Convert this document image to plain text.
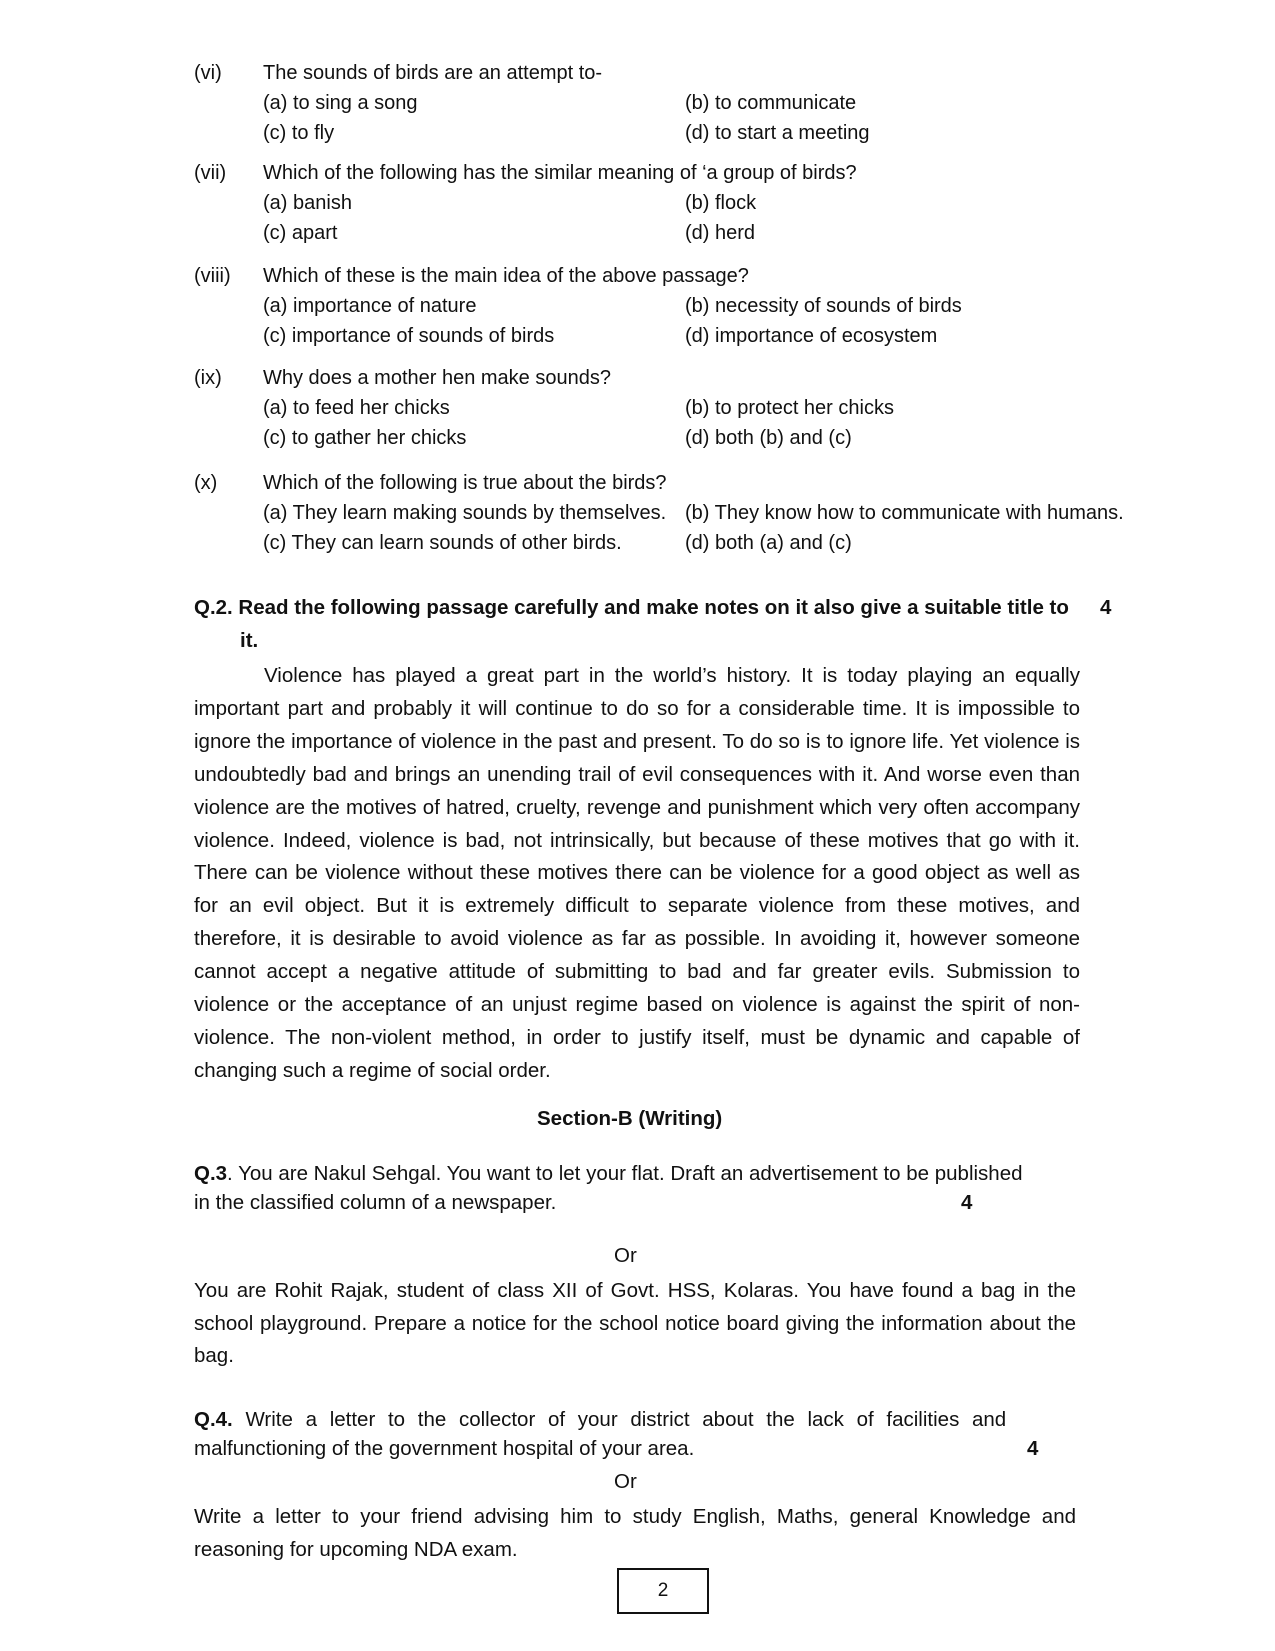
(vi) The sounds of birds are an attempt to-
(a) to sing a song	(b) to communicate
(c) to fly	(d) to start a meeting
(vii) Which of the following has the similar meaning of ‘a group of birds?
(a) banish	(b) flock
(c) apart	(d) herd
(viii) Which of these is the main idea of the above passage?
(a) importance of nature	(b) necessity of sounds of birds
(c) importance of sounds of birds	(d) importance of ecosystem
(ix) Why does a mother hen make sounds?
(a) to feed her chicks	(b) to protect her chicks
(c) to gather her chicks	(d) both (b) and (c)
(x) Which of the following is true about the birds?
(a) They learn making sounds by themselves. (b) They know how to communicate with humans.
(c) They can learn sounds of other birds.	(d) both (a) and (c)
Q.2. Read the following passage carefully and make notes on it also give a suitable title to 4
it.
Violence has played a great part in the world’s history. It is today playing an equally important part and probably it will continue to do so for a considerable time. It is impossible to ignore the importance of violence in the past and present. To do so is to ignore life. Yet violence is undoubtedly bad and brings an unending trail of evil consequences with it. And worse even than violence are the motives of hatred, cruelty, revenge and punishment which very often accompany violence. Indeed, violence is bad, not intrinsically, but because of these motives that go with it. There can be violence without these motives there can be violence for a good object as well as for an evil object. But it is extremely difficult to separate violence from these motives, and therefore, it is desirable to avoid violence as far as possible. In avoiding it, however someone cannot accept a negative attitude of submitting to bad and far greater evils. Submission to violence or the acceptance of an unjust regime based on violence is against the spirit of non-violence. The non-violent method, in order to justify itself, must be dynamic and capable of changing such a regime of social order.
Section-B (Writing)
Q.3. You are Nakul Sehgal. You want to let your flat. Draft an advertisement to be published
in the classified column of a newspaper.	4
Or
You are Rohit Rajak, student of class XII of Govt. HSS, Kolaras. You have found a bag in the school playground. Prepare a notice for the school notice board giving the information about the bag.
Q.4. Write a letter to the collector of your district about the lack of facilities and
malfunctioning of the government hospital of your area.	4
Or
Write a letter to your friend advising him to study English, Maths, general Knowledge and reasoning for upcoming NDA exam.
2
